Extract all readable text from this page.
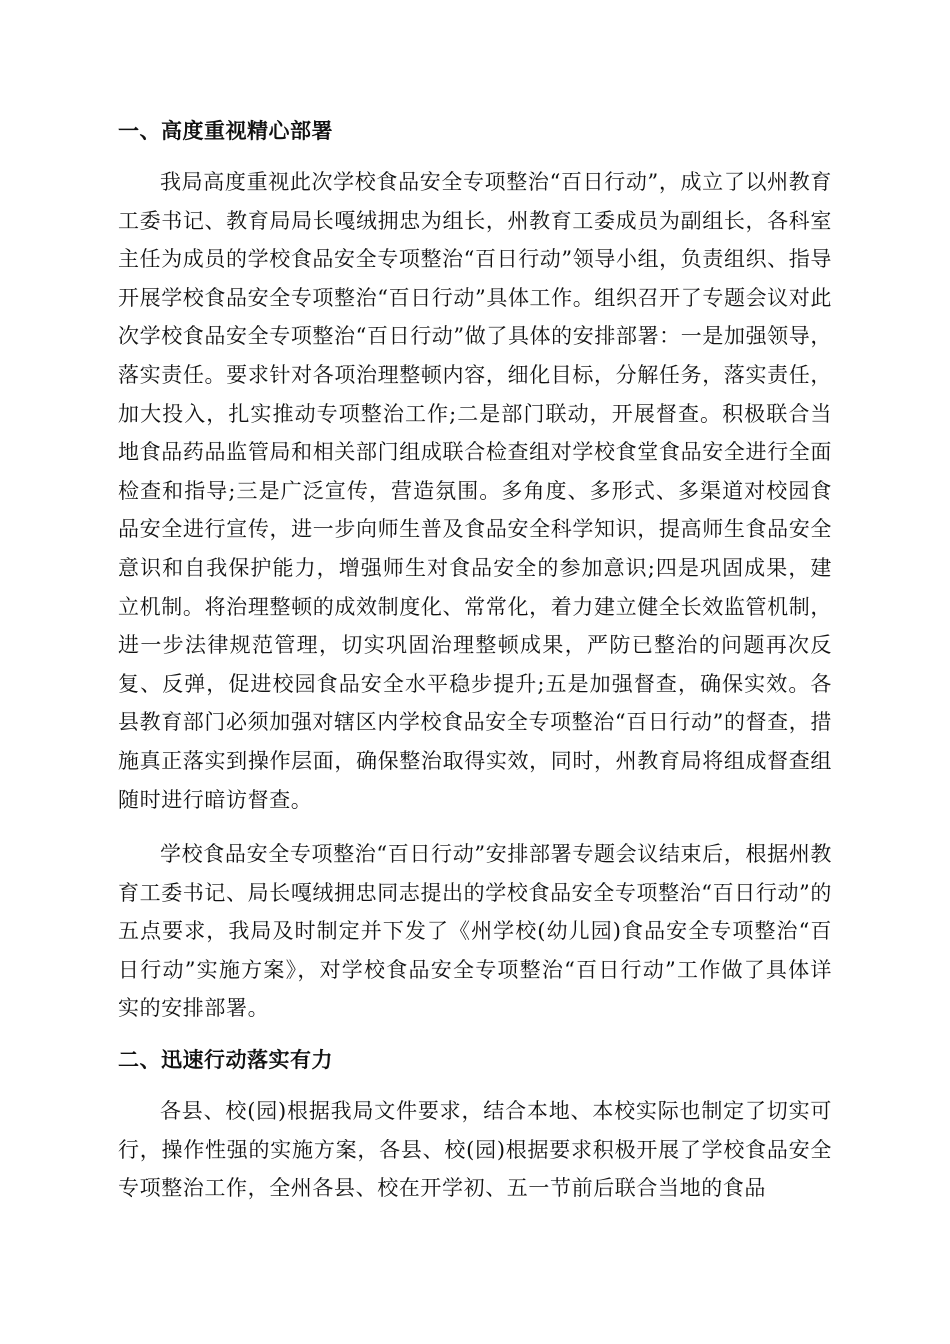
一、高度重视精心部署

我局高度重视此次学校食品安全专项整治“百日行动”，成立了以州教育工委书记、教育局局长嘎绒拥忠为组长，州教育工委成员为副组长，各科室主任为成员的学校食品安全专项整治“百日行动”领导小组，负责组织、指导开展学校食品安全专项整治“百日行动”具体工作。组织召开了专题会议对此次学校食品安全专项整治“百日行动”做了具体的安排部署：一是加强领导，落实责任。要求针对各项治理整顿内容，细化目标，分解任务，落实责任，加大投入，扎实推动专项整治工作;二是部门联动，开展督查。积极联合当地食品药品监管局和相关部门组成联合检查组对学校食堂食品安全进行全面检查和指导;三是广泛宣传，营造氛围。多角度、多形式、多渠道对校园食品安全进行宣传，进一步向师生普及食品安全科学知识，提高师生食品安全意识和自我保护能力，增强师生对食品安全的参加意识;四是巩固成果，建立机制。将治理整顿的成效制度化、常常化，着力建立健全长效监管机制，进一步法律规范管理，切实巩固治理整顿成果，严防已整治的问题再次反复、反弹，促进校园食品安全水平稳步提升;五是加强督查，确保实效。各县教育部门必须加强对辖区内学校食品安全专项整治“百日行动”的督查，措施真正落实到操作层面，确保整治取得实效，同时，州教育局将组成督查组随时进行暗访督查。

学校食品安全专项整治“百日行动”安排部署专题会议结束后，根据州教育工委书记、局长嘎绒拥忠同志提出的学校食品安全专项整治“百日行动”的五点要求，我局及时制定并下发了《州学校(幼儿园)食品安全专项整治“百日行动”实施方案》，对学校食品安全专项整治“百日行动”工作做了具体详实的安排部署。

二、迅速行动落实有力

各县、校(园)根据我局文件要求，结合本地、本校实际也制定了切实可行，操作性强的实施方案，各县、校(园)根据要求积极开展了学校食品安全专项整治工作，全州各县、校在开学初、五一节前后联合当地的食品
